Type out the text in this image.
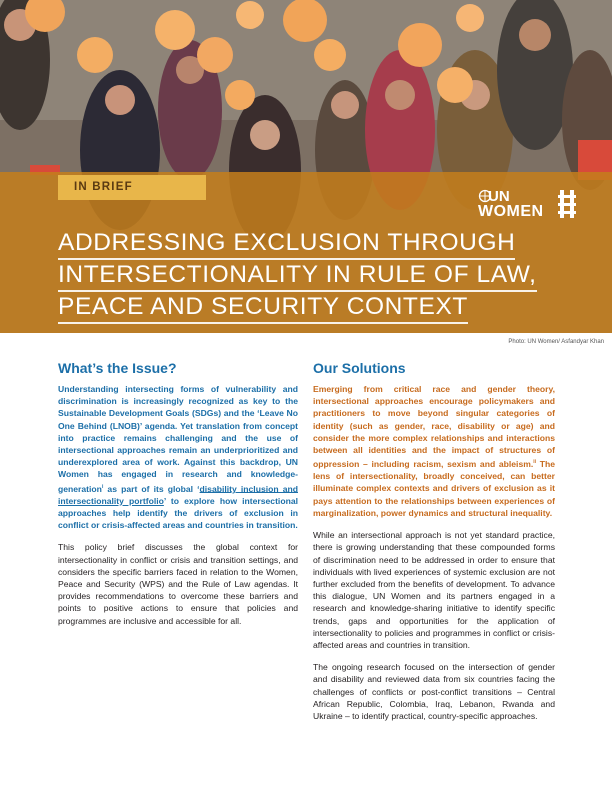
IN BRIEF
UN
WOMEN
ADDRESSING EXCLUSION THROUGH
INTERSECTIONALITY IN RULE OF LAW,
PEACE AND SECURITY CONTEXT
Photo: UN Women/ Asfandyar Khan
What’s the Issue?

Understanding intersecting forms of vulnerability and discrimination is increasingly recognized as key to the Sustainable Development Goals (SDGs) and the ‘Leave No One Behind (LNOB)’ agenda. Yet translation from concept into practice remains challenging and the use of intersectional approaches remain an underprioritized and underexplored area of work. Against this backdrop, UN Women has engaged in research and knowledge-generation$^i$ as part of its global ‘disability inclusion and intersectionality portfolio’ to explore how intersectional approaches help identify the drivers of exclusion in conflict or crisis-affected areas and countries in transition.

This policy brief discusses the global context for intersectionality in conflict or crisis and transition settings, and considers the specific barriers faced in relation to the Women, Peace and Security (WPS) and the Rule of Law agendas. It provides recommendations to overcome these barriers and points to positive actions to ensure that policies and programmes are inclusive and accessible for all.

Our Solutions

Emerging from critical race and gender theory, intersectional approaches encourage policymakers and practitioners to move beyond singular categories of identity (such as gender, race, disability or age) and consider the more complex relationships and interactions between all identities and the impact of structures of oppression – including racism, sexism and ableism.$^{ii}$ The lens of intersectionality, broadly conceived, can better illuminate complex contexts and drivers of exclusion as it pays attention to the relationships between experiences of marginalization, power dynamics and structural inequality.

While an intersectional approach is not yet standard practice, there is growing understanding that these compounded forms of discrimination need to be addressed in order to ensure that individuals with lived experiences of systemic exclusion are not further excluded from the benefits of development. To advance this dialogue, UN Women and its partners engaged in a research and knowledge-sharing initiative to identify specific trends, gaps and opportunities for the application of intersectionality to policies and programmes in conflict or crisis-affected areas and countries in transition.

The ongoing research focused on the intersection of gender and disability and reviewed data from six countries facing the challenges of conflicts or post-conflict transitions – Central African Republic, Colombia, Iraq, Lebanon, Rwanda and Ukraine – to identify practical, country-specific approaches.
